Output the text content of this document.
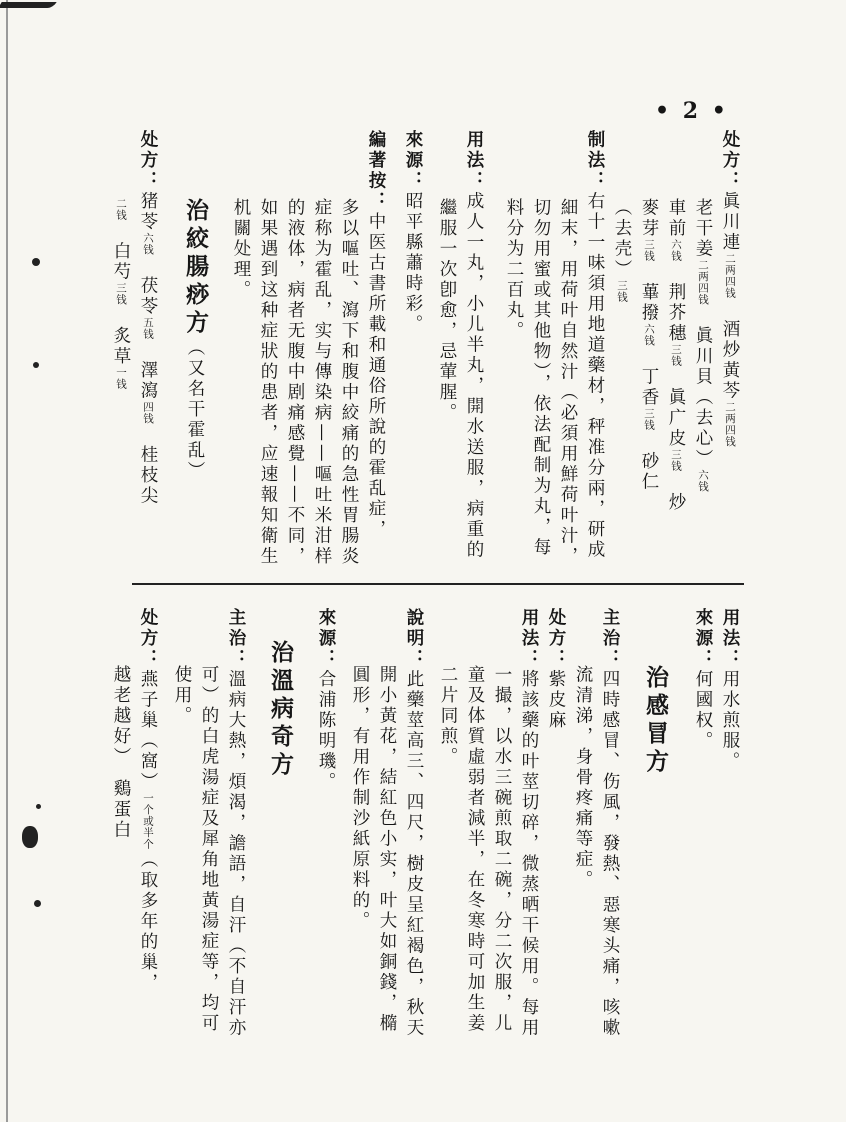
• 2 •
处方：眞川連二两四钱　酒炒黃芩二两四钱
老干姜二两四钱　眞川貝（去心）六钱
車前六钱　荆芥穗三钱　眞广皮三钱　炒
麥芽三钱　蓽撥六钱　丁香三钱　砂仁
（去壳）三钱
制法：右十一味須用地道藥材，秤准分兩，研成
細末，用荷叶自然汁（必須用鮮荷叶汁，
切勿用蜜或其他物），依法配制为丸，每
料分为二百丸。
用法：成人一丸，小儿半丸，開水送服，病重的
繼服一次卽愈，忌葷腥。
來源：昭平縣蕭時彩。
編著按：中医古書所載和通俗所說的霍乱症，
多以嘔吐、瀉下和腹中絞痛的急性胃腸炎
症称为霍乱，实与傳染病——嘔吐米泔样
的液体，病者无腹中剧痛感覺——不同，
如果遇到这种症狀的患者，应速報知衛生
机關处理。
治絞腸痧方（又名干霍乱）
处方：猪苓六钱　茯苓五钱　澤瀉四钱　桂枝尖
二钱　白芍三钱　炙草一钱
用法：用水煎服。
來源：何國权。
治感冒方
主治：四時感冒、伤風，發熱、惡寒头痛，咳嗽
流清涕，身骨疼痛等症。
处方：紫皮麻
用法：將該藥的叶莖切碎，微蒸晒干候用。每用
一撮，以水三碗煎取二碗，分二次服，儿
童及体質虛弱者減半，在冬寒時可加生姜
二片同煎。
說明：此藥莖高三、四尺，樹皮呈紅褐色，秋天
開小黃花，結紅色小实，叶大如銅錢，橢
圓形，有用作制沙紙原料的。
來源：合浦陈明璣。
治溫病奇方
主治：溫病大熱，煩渴，譫語，自汗（不自汗亦
可）的白虎湯症及犀角地黃湯症等，均可
使用。
处方：燕子巢（窩）一个或半个（取多年的巢，
越老越好）　鷄蛋白
